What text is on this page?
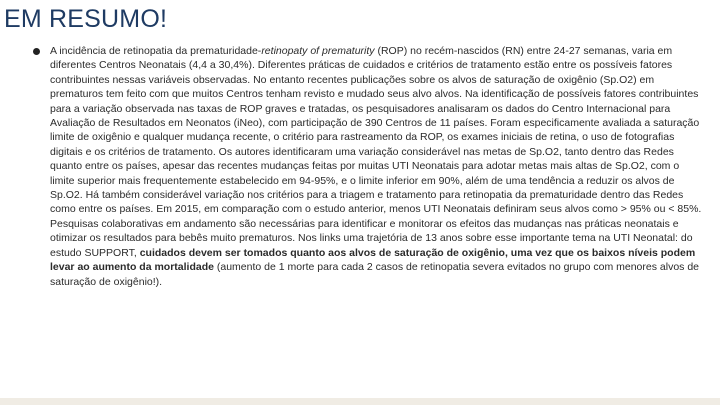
EM RESUMO!
A incidência de retinopatia da prematuridade-retinopaty of prematurity (ROP) no recém-nascidos (RN) entre 24-27 semanas, varia em diferentes Centros Neonatais (4,4 a 30,4%). Diferentes práticas de cuidados e critérios de tratamento estão entre os possíveis fatores contribuintes nessas variáveis observadas. No entanto recentes publicações sobre os alvos de saturação de oxigênio (Sp.O2) em prematuros tem feito com que muitos Centros tenham revisto e mudado seus alvo alvos. Na identificação de possíveis fatores contribuintes para a variação observada nas taxas de ROP graves e tratadas, os pesquisadores analisaram os dados do Centro Internacional para Avaliação de Resultados em Neonatos (iNeo), com participação de 390 Centros de 11 países. Foram especificamente avaliada a saturação limite de oxigênio e qualquer mudança recente, o critério para rastreamento da ROP, os exames iniciais de retina, o uso de fotografias digitais e os critérios de tratamento. Os autores identificaram uma variação considerável nas metas de Sp.O2, tanto dentro das Redes quanto entre os países, apesar das recentes mudanças feitas por muitas UTI Neonatais para adotar metas mais altas de Sp.O2, com o limite superior mais frequentemente estabelecido em 94-95%, e o limite inferior em 90%, além de uma tendência a reduzir os alvos de Sp.O2. Há também considerável variação nos critérios para a triagem e tratamento para retinopatia da prematuridade dentro das Redes como entre os países. Em 2015, em comparação com o estudo anterior, menos UTI Neonatais definiram seus alvos como > 95% ou < 85%. Pesquisas colaborativas em andamento são necessárias para identificar e monitorar os efeitos das mudanças nas práticas neonatais e otimizar os resultados para bebês muito prematuros. Nos links uma trajetória de 13 anos sobre esse importante tema na UTI Neonatal: do estudo SUPPORT, cuidados devem ser tomados quanto aos alvos de saturação de oxigênio, uma vez que os baixos níveis podem levar ao aumento da mortalidade (aumento de 1 morte para cada 2 casos de retinopatia severa evitados no grupo com menores alvos de saturação de oxigênio!).
